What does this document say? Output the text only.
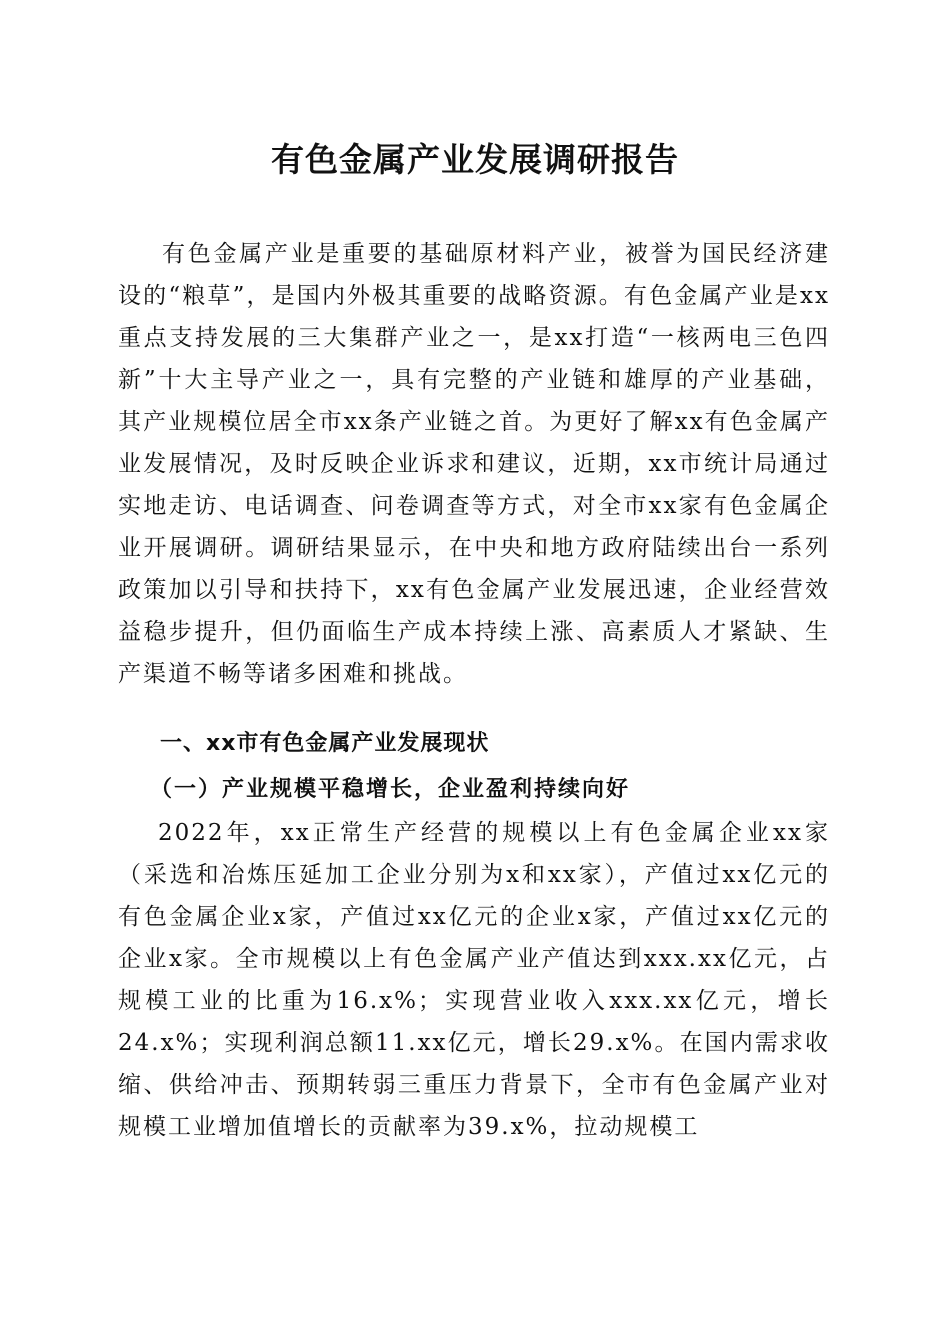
有色金属产业发展调研报告

有色金属产业是重要的基础原材料产业，被誉为国民经济建设的“粮草”，是国内外极其重要的战略资源。有色金属产业是xx重点支持发展的三大集群产业之一，是xx打造“一核两电三色四新”十大主导产业之一，具有完整的产业链和雄厚的产业基础，其产业规模位居全市xx条产业链之首。为更好了解xx有色金属产业发展情况，及时反映企业诉求和建议，近期，xx市统计局通过实地走访、电话调查、问卷调查等方式，对全市xx家有色金属企业开展调研。调研结果显示，在中央和地方政府陆续出台一系列政策加以引导和扶持下，xx有色金属产业发展迅速，企业经营效益稳步提升，但仍面临生产成本持续上涨、高素质人才紧缺、生产渠道不畅等诸多困难和挑战。

一、xx市有色金属产业发展现状
（一）产业规模平稳增长，企业盈利持续向好

2022年，xx正常生产经营的规模以上有色金属企业xx家（采选和冶炼压延加工企业分别为x和xx家），产值过xx亿元的有色金属企业x家，产值过xx亿元的企业x家，产值过xx亿元的企业x家。全市规模以上有色金属产业产值达到xxx.xx亿元，占规模工业的比重为16.x%；实现营业收入xxx.xx亿元，增长24.x%；实现利润总额11.xx亿元，增长29.x%。在国内需求收缩、供给冲击、预期转弱三重压力背景下，全市有色金属产业对规模工业增加值增长的贡献率为39.x%，拉动规模工
